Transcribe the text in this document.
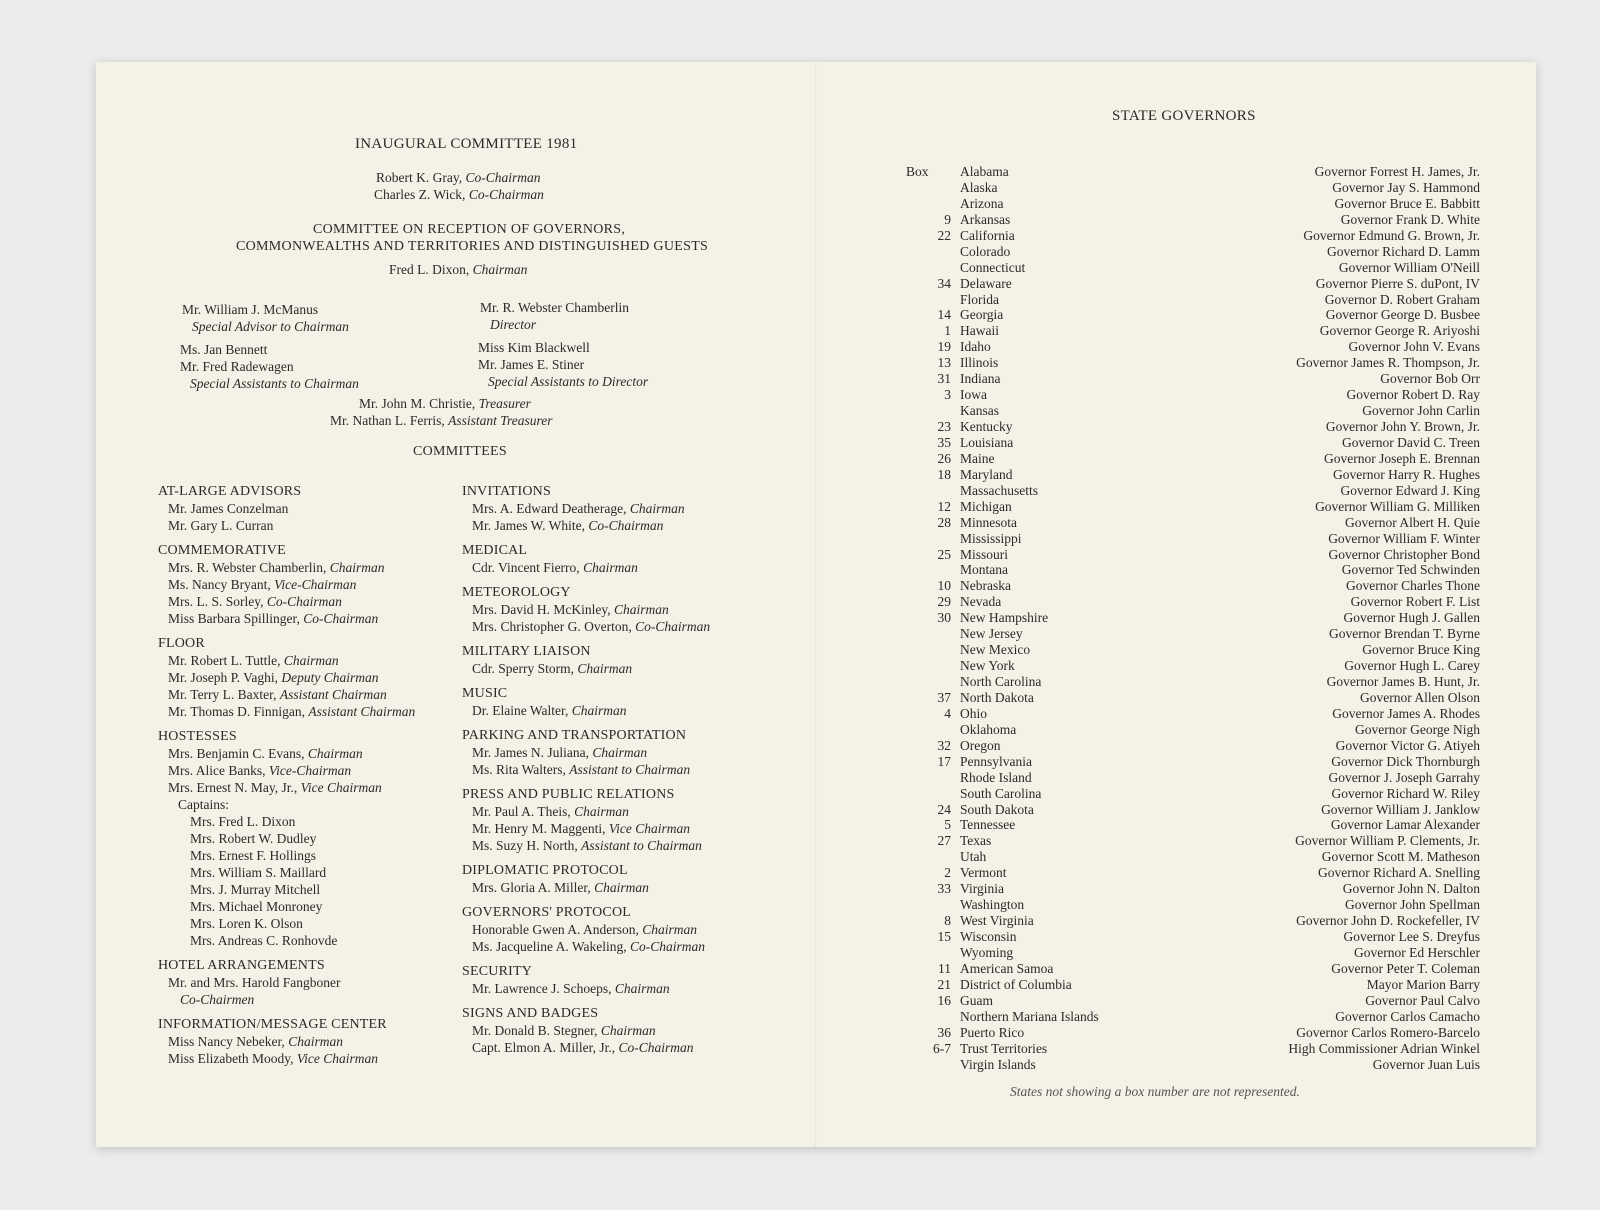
INAUGURAL COMMITTEE 1981
Robert K. Gray, Co-Chairman
Charles Z. Wick, Co-Chairman
COMMITTEE ON RECEPTION OF GOVERNORS,
COMMONWEALTHS AND TERRITORIES AND DISTINGUISHED GUESTS
Fred L. Dixon, Chairman
Mr. William J. McManus
Special Advisor to Chairman
Mr. R. Webster Chamberlin
Director
Ms. Jan Bennett
Mr. Fred Radewagen
Special Assistants to Chairman
Miss Kim Blackwell
Mr. James E. Stiner
Special Assistants to Director
Mr. John M. Christie, Treasurer
Mr. Nathan L. Ferris, Assistant Treasurer
COMMITTEES
AT-LARGE ADVISORS
Mr. James Conzelman
Mr. Gary L. Curran
COMMEMORATIVE
Mrs. R. Webster Chamberlin, Chairman
Ms. Nancy Bryant, Vice-Chairman
Mrs. L. S. Sorley, Co-Chairman
Miss Barbara Spillinger, Co-Chairman
FLOOR
Mr. Robert L. Tuttle, Chairman
Mr. Joseph P. Vaghi, Deputy Chairman
Mr. Terry L. Baxter, Assistant Chairman
Mr. Thomas D. Finnigan, Assistant Chairman
HOSTESSES
Mrs. Benjamin C. Evans, Chairman
Mrs. Alice Banks, Vice-Chairman
Mrs. Ernest N. May, Jr., Vice Chairman
Captains:
Mrs. Fred L. Dixon
Mrs. Robert W. Dudley
Mrs. Ernest F. Hollings
Mrs. William S. Maillard
Mrs. J. Murray Mitchell
Mrs. Michael Monroney
Mrs. Loren K. Olson
Mrs. Andreas C. Ronhovde
HOTEL ARRANGEMENTS
Mr. and Mrs. Harold Fangboner
Co-Chairmen
INFORMATION/MESSAGE CENTER
Miss Nancy Nebeker, Chairman
Miss Elizabeth Moody, Vice Chairman
INVITATIONS
Mrs. A. Edward Deatherage, Chairman
Mr. James W. White, Co-Chairman
MEDICAL
Cdr. Vincent Fierro, Chairman
METEOROLOGY
Mrs. David H. McKinley, Chairman
Mrs. Christopher G. Overton, Co-Chairman
MILITARY LIAISON
Cdr. Sperry Storm, Chairman
MUSIC
Dr. Elaine Walter, Chairman
PARKING AND TRANSPORTATION
Mr. James N. Juliana, Chairman
Ms. Rita Walters, Assistant to Chairman
PRESS AND PUBLIC RELATIONS
Mr. Paul A. Theis, Chairman
Mr. Henry M. Maggenti, Vice Chairman
Ms. Suzy H. North, Assistant to Chairman
DIPLOMATIC PROTOCOL
Mrs. Gloria A. Miller, Chairman
GOVERNORS' PROTOCOL
Honorable Gwen A. Anderson, Chairman
Ms. Jacqueline A. Wakeling, Co-Chairman
SECURITY
Mr. Lawrence J. Schoeps, Chairman
SIGNS AND BADGES
Mr. Donald B. Stegner, Chairman
Capt. Elmon A. Miller, Jr., Co-Chairman
STATE GOVERNORS
Box Alabama	Governor Forrest H. James, Jr.
Alaska	Governor Jay S. Hammond
Arizona	Governor Bruce E. Babbitt
9 Arkansas	Governor Frank D. White
22 California	Governor Edmund G. Brown, Jr.
Colorado	Governor Richard D. Lamm
Connecticut	Governor William O'Neill
34 Delaware	Governor Pierre S. duPont, IV
Florida	Governor D. Robert Graham
14 Georgia	Governor George D. Busbee
1 Hawaii	Governor George R. Ariyoshi
19 Idaho	Governor John V. Evans
13 Illinois	Governor James R. Thompson, Jr.
31 Indiana	Governor Bob Orr
3 Iowa	Governor Robert D. Ray
Kansas	Governor John Carlin
23 Kentucky	Governor John Y. Brown, Jr.
35 Louisiana	Governor David C. Treen
26 Maine	Governor Joseph E. Brennan
18 Maryland	Governor Harry R. Hughes
Massachusetts	Governor Edward J. King
12 Michigan	Governor William G. Milliken
28 Minnesota	Governor Albert H. Quie
Mississippi	Governor William F. Winter
25 Missouri	Governor Christopher Bond
Montana	Governor Ted Schwinden
10 Nebraska	Governor Charles Thone
29 Nevada	Governor Robert F. List
30 New Hampshire	Governor Hugh J. Gallen
New Jersey	Governor Brendan T. Byrne
New Mexico	Governor Bruce King
New York	Governor Hugh L. Carey
North Carolina	Governor James B. Hunt, Jr.
37 North Dakota	Governor Allen Olson
4 Ohio	Governor James A. Rhodes
Oklahoma	Governor George Nigh
32 Oregon	Governor Victor G. Atiyeh
17 Pennsylvania	Governor Dick Thornburgh
Rhode Island	Governor J. Joseph Garrahy
South Carolina	Governor Richard W. Riley
24 South Dakota	Governor William J. Janklow
5 Tennessee	Governor Lamar Alexander
27 Texas	Governor William P. Clements, Jr.
Utah	Governor Scott M. Matheson
2 Vermont	Governor Richard A. Snelling
33 Virginia	Governor John N. Dalton
Washington	Governor John Spellman
8 West Virginia	Governor John D. Rockefeller, IV
15 Wisconsin	Governor Lee S. Dreyfus
Wyoming	Governor Ed Herschler
11 American Samoa	Governor Peter T. Coleman
21 District of Columbia	Mayor Marion Barry
16 Guam	Governor Paul Calvo
Northern Mariana Islands	Governor Carlos Camacho
36 Puerto Rico	Governor Carlos Romero-Barcelo
6-7 Trust Territories	High Commissioner Adrian Winkel
Virgin Islands	Governor Juan Luis
States not showing a box number are not represented.
